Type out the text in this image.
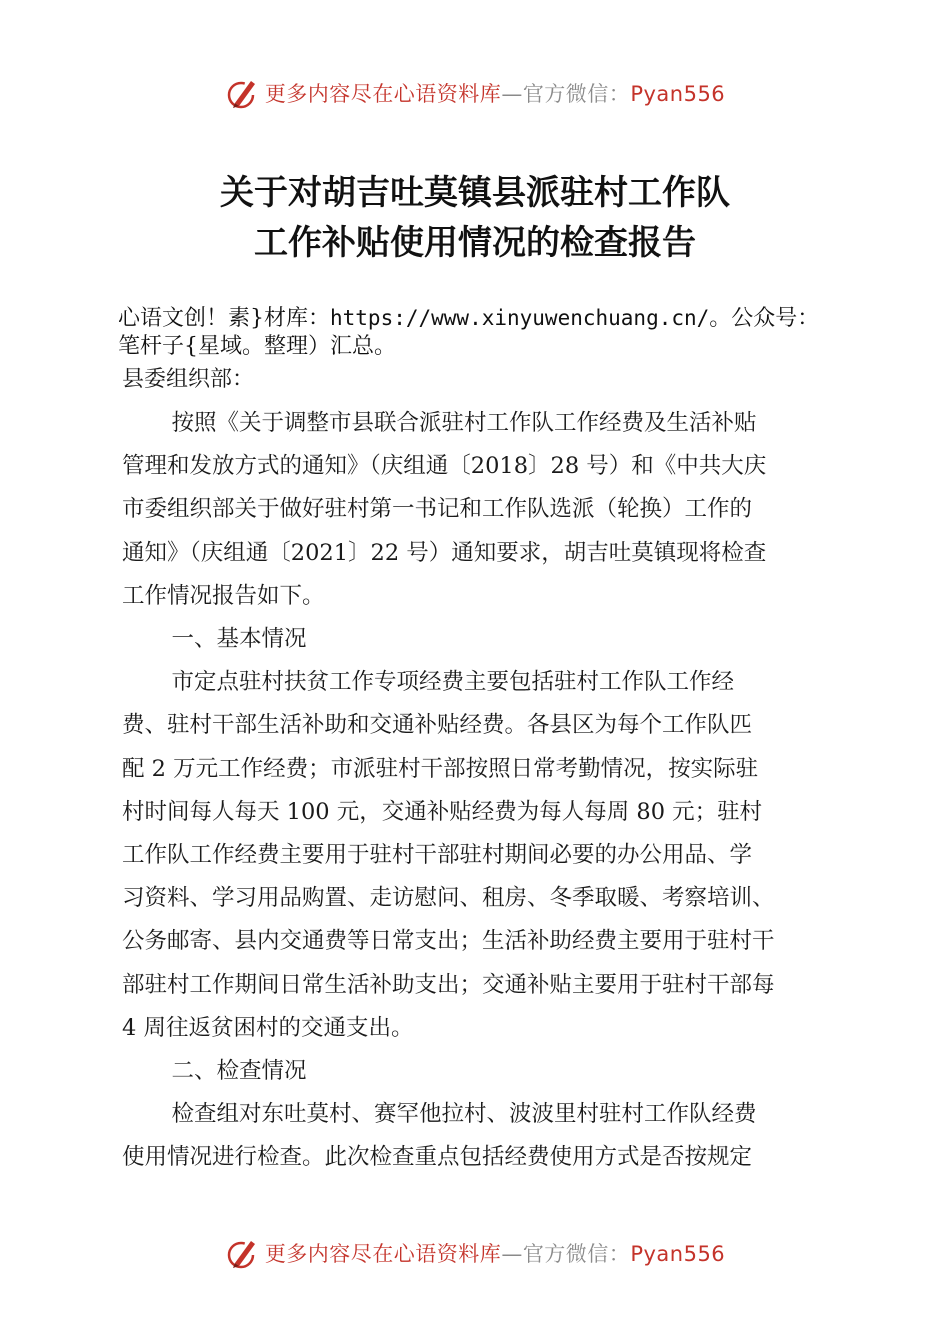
更多内容尽在心语资料库—官方微信：Pyan556
关于对胡吉吐莫镇县派驻村工作队
工作补贴使用情况的检查报告
心语文创！素}材库：https://www.xinyuwenchuang.cn/。公众号：
笔杆子{星域。整理）汇总。
县委组织部：
按照《关于调整市县联合派驻村工作队工作经费及生活补贴
管理和发放方式的通知》（庆组通〔2018〕28 号）和《中共大庆
市委组织部关于做好驻村第一书记和工作队选派（轮换）工作的
通知》（庆组通〔2021〕22 号）通知要求，胡吉吐莫镇现将检查
工作情况报告如下。
一、基本情况
市定点驻村扶贫工作专项经费主要包括驻村工作队工作经
费、驻村干部生活补助和交通补贴经费。各县区为每个工作队匹
配 2 万元工作经费；市派驻村干部按照日常考勤情况，按实际驻
村时间每人每天 100 元，交通补贴经费为每人每周 80 元；驻村
工作队工作经费主要用于驻村干部驻村期间必要的办公用品、学
习资料、学习用品购置、走访慰问、租房、冬季取暖、考察培训、
公务邮寄、县内交通费等日常支出；生活补助经费主要用于驻村干
部驻村工作期间日常生活补助支出；交通补贴主要用于驻村干部每
4 周往返贫困村的交通支出。
二、检查情况
检查组对东吐莫村、赛罕他拉村、波波里村驻村工作队经费
使用情况进行检查。此次检查重点包括经费使用方式是否按规定
更多内容尽在心语资料库—官方微信：Pyan556
